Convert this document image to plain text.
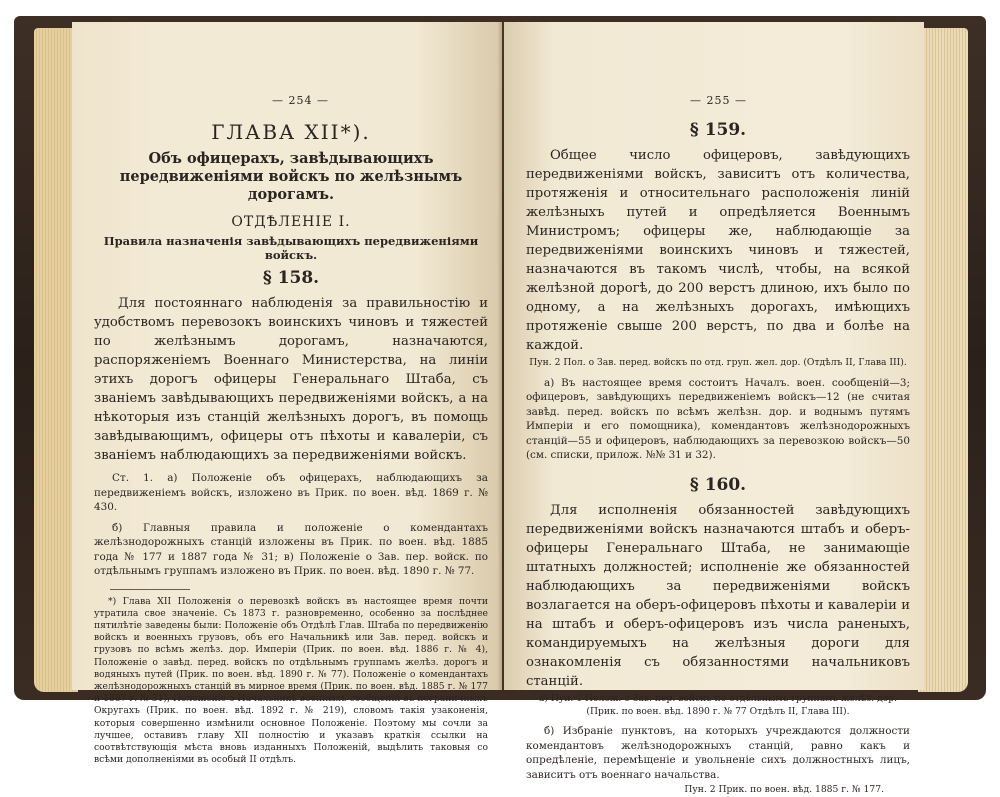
— 254 —
ГЛАВА XII*).
Объ офицерахъ, завѣдывающихъ передвиженіями войскъ по желѣзнымъ дорогамъ.
ОТДѢЛЕНІЕ I.
Правила назначенія завѣдывающихъ передвиженіями войскъ.
§ 158.

Для постояннаго наблюденія за правильностію и удобствомъ перевозокъ воинскихъ чиновъ и тяжестей по желѣзнымъ дорогамъ, назначаются, распоряженіемъ Военнаго Министерства, на линіи этихъ дорогъ офицеры Генеральнаго Штаба, съ званіемъ завѣдывающихъ передвиженіями войскъ, а на нѣкоторыя изъ станцій желѣзныхъ дорогъ, въ помощь завѣдывающимъ, офицеры отъ пѣхоты и кавалеріи, съ званіемъ наблюдающихъ за передвиженіями войскъ.

Ст. 1. а) Положеніе объ офицерахъ, наблюдающихъ за передвиженіемъ войскъ, изложено въ Прик. по воен. вѣд. 1869 г. № 430.

б) Главныя правила и положеніе о комендантахъ желѣзнодорожныхъ станцій изложены въ Прик. по воен. вѣд. 1885 года № 177 и 1887 года № 31; в) Положеніе о Зав. пер. войск. по отдѣльнымъ группамъ изложено въ Прик. по воен. вѣд. 1890 г. № 77.

*) Глава XII Положенія о перевозкѣ войскъ въ настоящее время почти утратила свое значеніе. Съ 1873 г. разновременно, особенно за послѣднее пятилѣтіе заведены были: Положеніе объ Отдѣлѣ Глав. Штаба по передвиженію войскъ и военныхъ грузовъ, объ его Начальникѣ или Зав. перед. войскъ и грузовъ по всѣмъ желѣз. дор. Имперіи (Прик. по воен. вѣд. 1886 г. № 4), Положеніе о завѣд. перед. войскъ по отдѣльнымъ группамъ желѣз. дорогъ и водяныхъ путей (Прик. по воен. вѣд. 1890 г. № 77). Положеніе о комендантахъ желѣзнодорожныхъ станцій въ мирное время (Прик. по воен. вѣд. 1885 г. № 177 и 1887 г. № 31), Положеніе о Начальникѣ военныхъ сообщеній въ пограничныхъ Округахъ (Прик. по воен. вѣд. 1892 г. № 219), словомъ такія узаконенія, которыя совершенно измѣнили основное Положеніе. Поэтому мы сочли за лучшее, оставивъ главу XII полностію и указавъ краткія ссылки на соотвѣтствующія мѣста вновь изданныхъ Положеній, выдѣлить таковыя со всѣми дополненіями въ особый II отдѣлъ.

— 255 —
§ 159.

Общее число офицеровъ, завѣдующихъ передвиженіями войскъ, зависитъ отъ количества, протяженія и относительнаго расположенія линій желѣзныхъ путей и опредѣляется Военнымъ Министромъ; офицеры же, наблюдающіе за передвиженіями воинскихъ чиновъ и тяжестей, назначаются въ такомъ числѣ, чтобы, на всякой желѣзной дорогѣ, до 200 верстъ длиною, ихъ было по одному, а на желѣзныхъ дорогахъ, имѣющихъ протяженіе свыше 200 верстъ, по два и болѣе на каждой.

Пун. 2 Пол. о Зав. перед. войскъ по отд. груп. жел. дор. (Отдѣлъ II, Глава III).

а) Въ настоящее время состоитъ Началъ. воен. сообщеній—3; офицеровъ, завѣдующихъ передвиженіемъ войскъ—12 (не считая завѣд. перед. войскъ по всѣмъ желѣзн. дор. и воднымъ путямъ Имперіи и его помощника), комендантовъ желѣзнодорожныхъ станцій—55 и офицеровъ, наблюдающихъ за перевозкою войскъ—50 (см. списки, прилож. №№ 31 и 32).

§ 160.

Для исполненія обязанностей завѣдующихъ передвиженіями войскъ назначаются штабъ и оберъ-офицеры Генеральнаго Штаба, не занимающіе штатныхъ должностей; исполненіе же обязанностей наблюдающихъ за передвиженіями войскъ возлагается на оберъ-офицеровъ пѣхоты и кавалеріи и на штабъ и оберъ-офицеровъ изъ числа раненыхъ, командируемыхъ на желѣзныя дороги для ознакомленія съ обязанностями начальниковъ станцій.

а) Пун. 1 Полож. о Зав. пер. войскъ по отдѣльнымъ группамъ желѣз. дор. (Прик. по воен. вѣд. 1890 г. № 77 Отдѣлъ II, Глава III).

б) Избраніе пунктовъ, на которыхъ учреждаются должности комендантовъ желѣзнодорожныхъ станцій, равно какъ и опредѣленіе, перемѣщеніе и увольненіе сихъ должностныхъ лицъ, зависитъ отъ военнаго начальства.

Пун. 2 Прик. по воен. вѣд. 1885 г. № 177.
